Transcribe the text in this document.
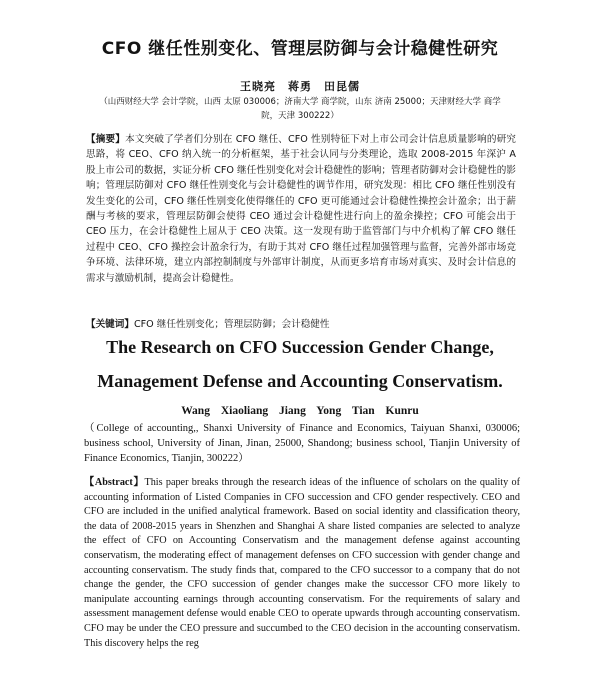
CFO 继任性别变化、管理层防御与会计稳健性研究
王晓亮　蒋勇　田昆儒
（山西财经大学 会计学院，山西 太原 030006；济南大学 商学院，山东 济南 25000；天津财经大学 商学院，天津 300222）

【摘要】本文突破了学者们分别在 CFO 继任、CFO 性别特征下对上市公司会计信息质量影响的研究思路，将 CEO、CFO 纳入统一的分析框架，基于社会认同与分类理论，选取 2008-2015 年深沪 A 股上市公司的数据，实证分析 CFO 继任性别变化对会计稳健性的影响；管理者防御对会计稳健性的影响；管理层防御对 CFO 继任性别变化与会计稳健性的调节作用，研究发现：相比 CFO 继任性别没有发生变化的公司，CFO 继任性别变化使得继任的 CFO 更可能通过会计稳健性操控会计盈余；出于薪酬与考核的要求，管理层防御会使得 CEO 通过会计稳健性进行向上的盈余操控；CFO 可能会出于 CEO 压力，在会计稳健性上屈从于 CEO 决策。这一发现有助于监管部门与中介机构了解 CFO 继任过程中 CEO、CFO 操控会计盈余行为，有助于其对 CFO 继任过程加强管理与监督，完善外部市场竞争环境、法律环境，建立内部控制制度与外部审计制度，从而更多培育市场对真实、及时会计信息的需求与激励机制，提高会计稳健性。

【关键词】CFO 继任性别变化；管理层防御；会计稳健性

The Research on CFO Succession Gender Change,
Management Defense and Accounting Conservatism.
Wang Xiaoliang Jiang Yong Tian Kunru

（College of accounting,, Shanxi University of Finance and Economics, Taiyuan Shanxi, 030006; business school, University of Jinan, Jinan, 25000, Shandong; business school, Tianjin University of Finance Economics, Tianjin, 300222）

【Abstract】This paper breaks through the research ideas of the influence of scholars on the quality of accounting information of Listed Companies in CFO succession and CFO gender respectively. CEO and CFO are included in the unified analytical framework. Based on social identity and classification theory, the data of 2008-2015 years in Shenzhen and Shanghai A share listed companies are selected to analyze the effect of CFO on Accounting Conservatism and the management defense against accounting conservatism, the moderating effect of management defenses on CFO succession with gender change and accounting conservatism. The study finds that, compared to the CFO successor to a company that do not change the gender, the CFO succession of gender changes make the successor CFO more likely to manipulate accounting earnings through accounting conservatism. For the requirements of salary and assessment management defense would enable CEO to operate upwards through accounting conservatism. CFO may be under the CEO pressure and succumbed to the CEO decision in the accounting conservatism. This discovery helps the reg
